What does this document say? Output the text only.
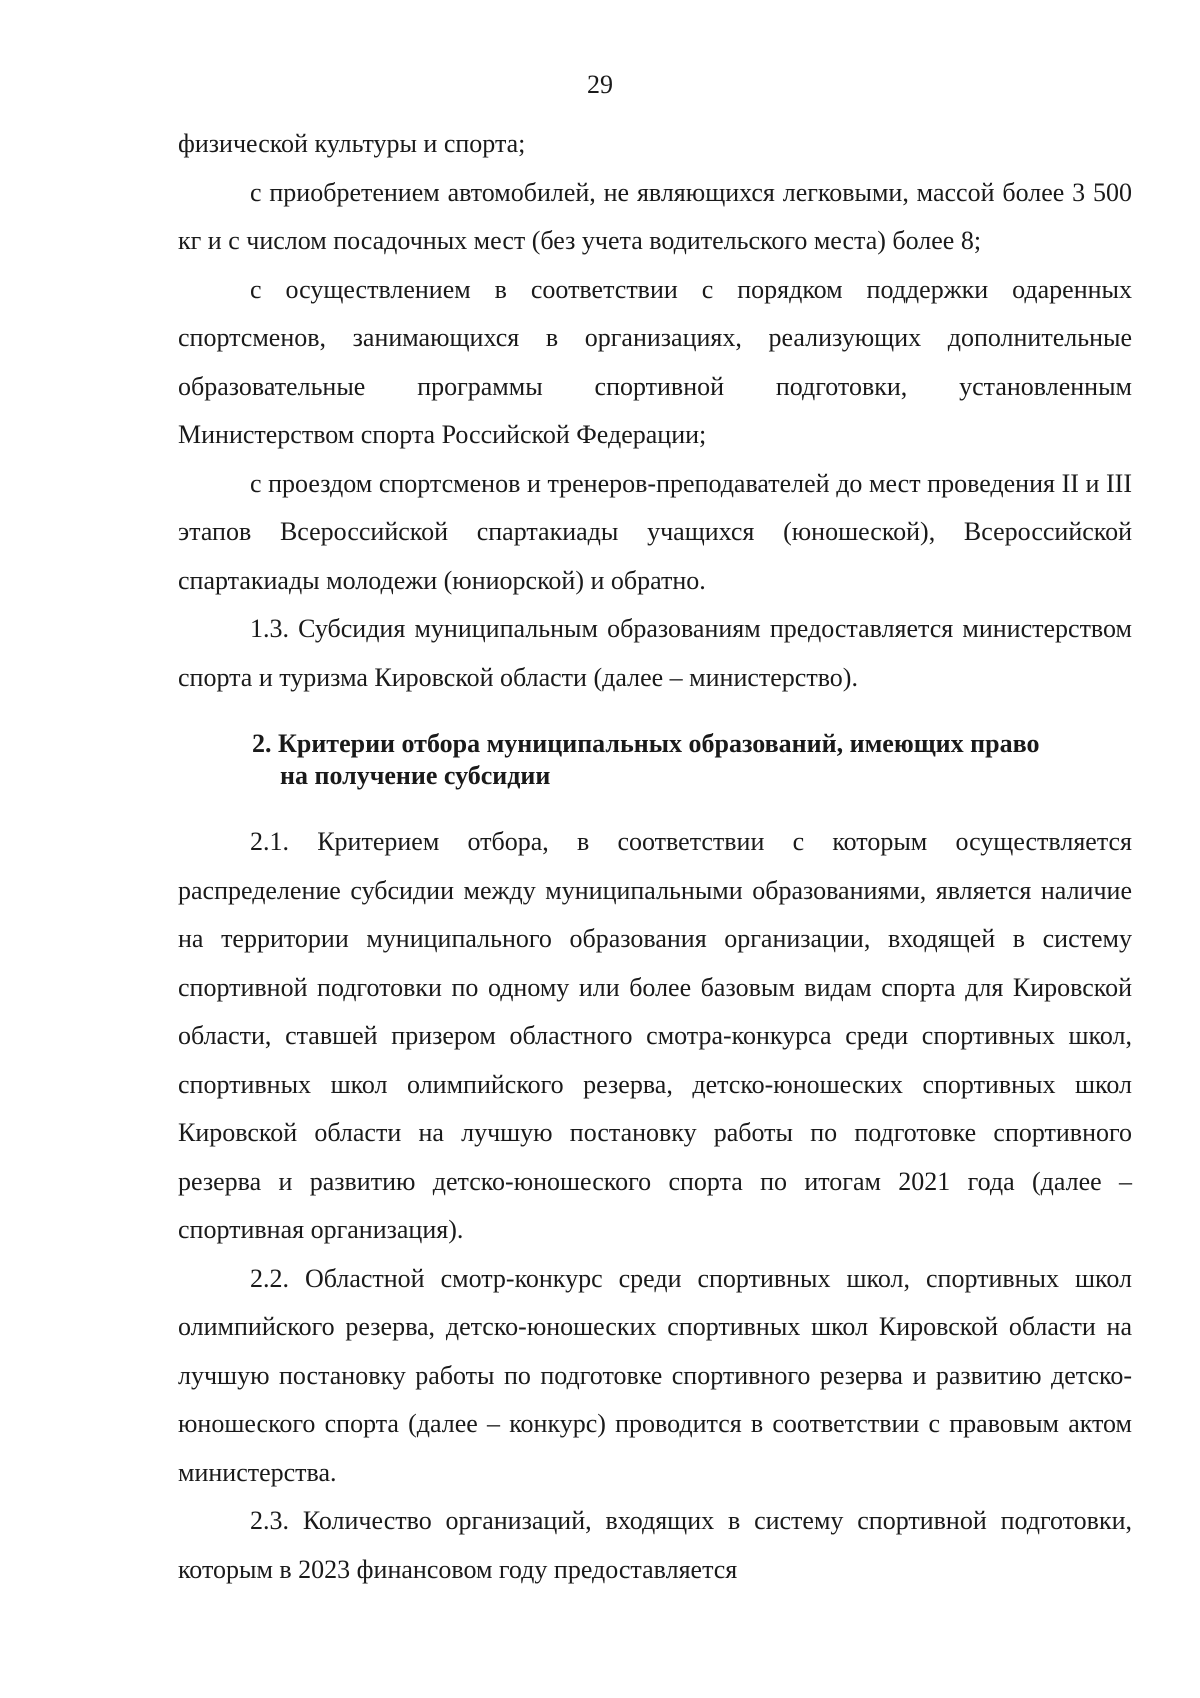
29

физической культуры и спорта;

с приобретением автомобилей, не являющихся легковыми, массой более 3 500 кг и с числом посадочных мест (без учета водительского места) более 8;

с осуществлением в соответствии с порядком поддержки одаренных спортсменов, занимающихся в организациях, реализующих дополнительные образовательные программы спортивной подготовки, установленным Министерством спорта Российской Федерации;

с проездом спортсменов и тренеров-преподавателей до мест проведения II и III этапов Всероссийской спартакиады учащихся (юношеской), Всероссийской спартакиады молодежи (юниорской) и обратно.

1.3. Субсидия муниципальным образованиям предоставляется министерством спорта и туризма Кировской области (далее – министерство).

2. Критерии отбора муниципальных образований, имеющих право
на получение субсидии

2.1. Критерием отбора, в соответствии с которым осуществляется распределение субсидии между муниципальными образованиями, является наличие на территории муниципального образования организации, входящей в систему спортивной подготовки по одному или более базовым видам спорта для Кировской области, ставшей призером областного смотра-конкурса среди спортивных школ, спортивных школ олимпийского резерва, детско-юношеских спортивных школ Кировской области на лучшую постановку работы по подготовке спортивного резерва и развитию детско-юношеского спорта по итогам 2021 года (далее – спортивная организация).

2.2. Областной смотр-конкурс среди спортивных школ, спортивных школ олимпийского резерва, детско-юношеских спортивных школ Кировской области на лучшую постановку работы по подготовке спортивного резерва и развитию детско-юношеского спорта (далее – конкурс) проводится в соответствии с правовым актом министерства.

2.3. Количество организаций, входящих в систему спортивной подготовки, которым в 2023 финансовом году предоставляется
